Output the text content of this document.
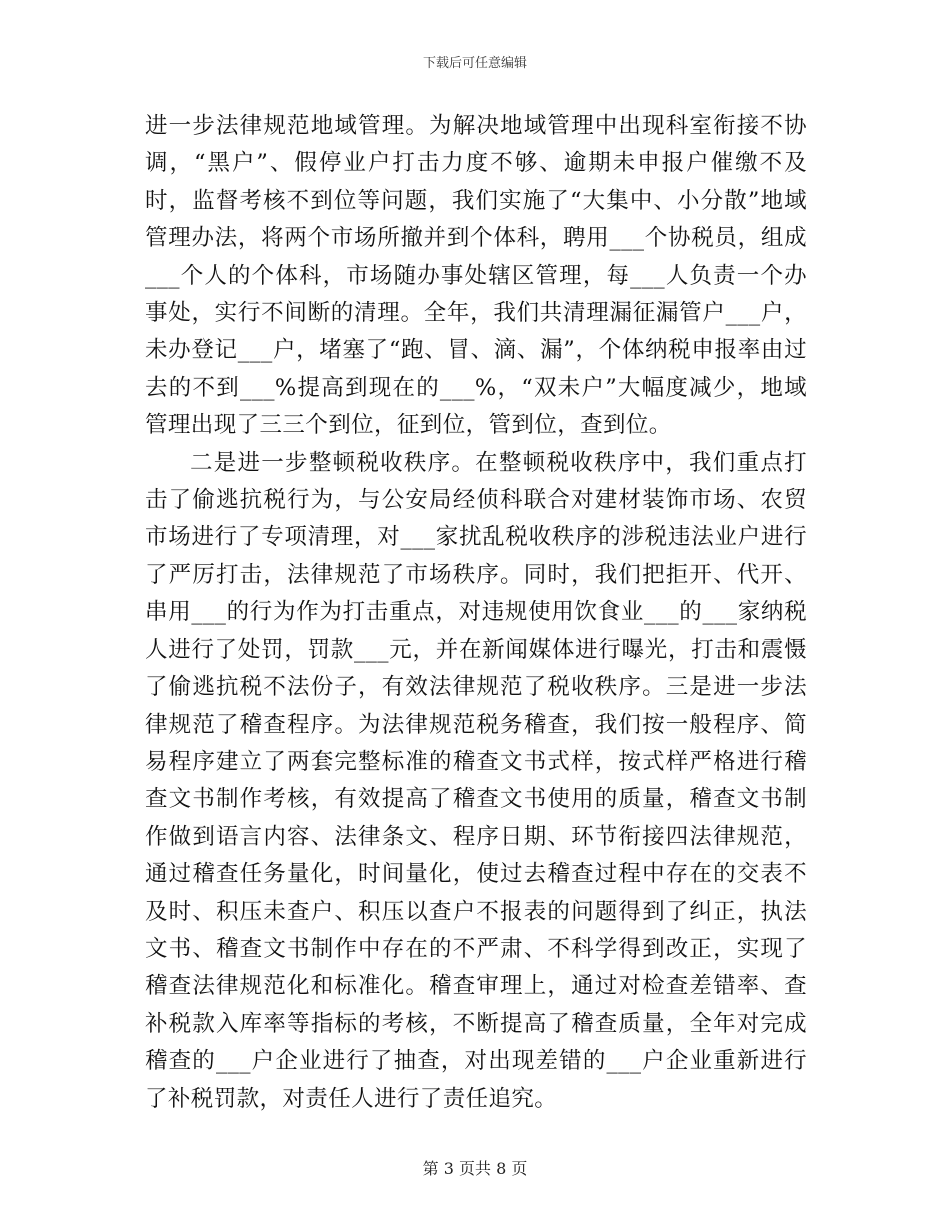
下载后可任意编辑

进一步法律规范地域管理。为解决地域管理中出现科室衔接不协调，“黑户”、假停业户打击力度不够、逾期未申报户催缴不及时，监督考核不到位等问题，我们实施了“大集中、小分散”地域管理办法，将两个市场所撤并到个体科，聘用___个协税员，组成___个人的个体科，市场随办事处辖区管理，每___人负责一个办事处，实行不间断的清理。全年，我们共清理漏征漏管户___户，未办登记___户，堵塞了“跑、冒、滴、漏”，个体纳税申报率由过去的不到___%提高到现在的___%，“双未户”大幅度减少，地域管理出现了三三个到位，征到位，管到位，查到位。

二是进一步整顿税收秩序。在整顿税收秩序中，我们重点打击了偷逃抗税行为，与公安局经侦科联合对建材装饰市场、农贸市场进行了专项清理，对___家扰乱税收秩序的涉税违法业户进行了严厉打击，法律规范了市场秩序。同时，我们把拒开、代开、串用___的行为作为打击重点，对违规使用饮食业___的___家纳税人进行了处罚，罚款___元，并在新闻媒体进行曝光，打击和震慑了偷逃抗税不法份子，有效法律规范了税收秩序。三是进一步法律规范了稽查程序。为法律规范税务稽查，我们按一般程序、简易程序建立了两套完整标准的稽查文书式样，按式样严格进行稽查文书制作考核，有效提高了稽查文书使用的质量，稽查文书制作做到语言内容、法律条文、程序日期、环节衔接四法律规范，通过稽查任务量化，时间量化，使过去稽查过程中存在的交表不及时、积压未查户、积压以查户不报表的问题得到了纠正，执法文书、稽查文书制作中存在的不严肃、不科学得到改正，实现了稽查法律规范化和标准化。稽查审理上，通过对检查差错率、查补税款入库率等指标的考核，不断提高了稽查质量，全年对完成稽查的___户企业进行了抽查，对出现差错的___户企业重新进行了补税罚款，对责任人进行了责任追究。

第 3 页共 8 页
